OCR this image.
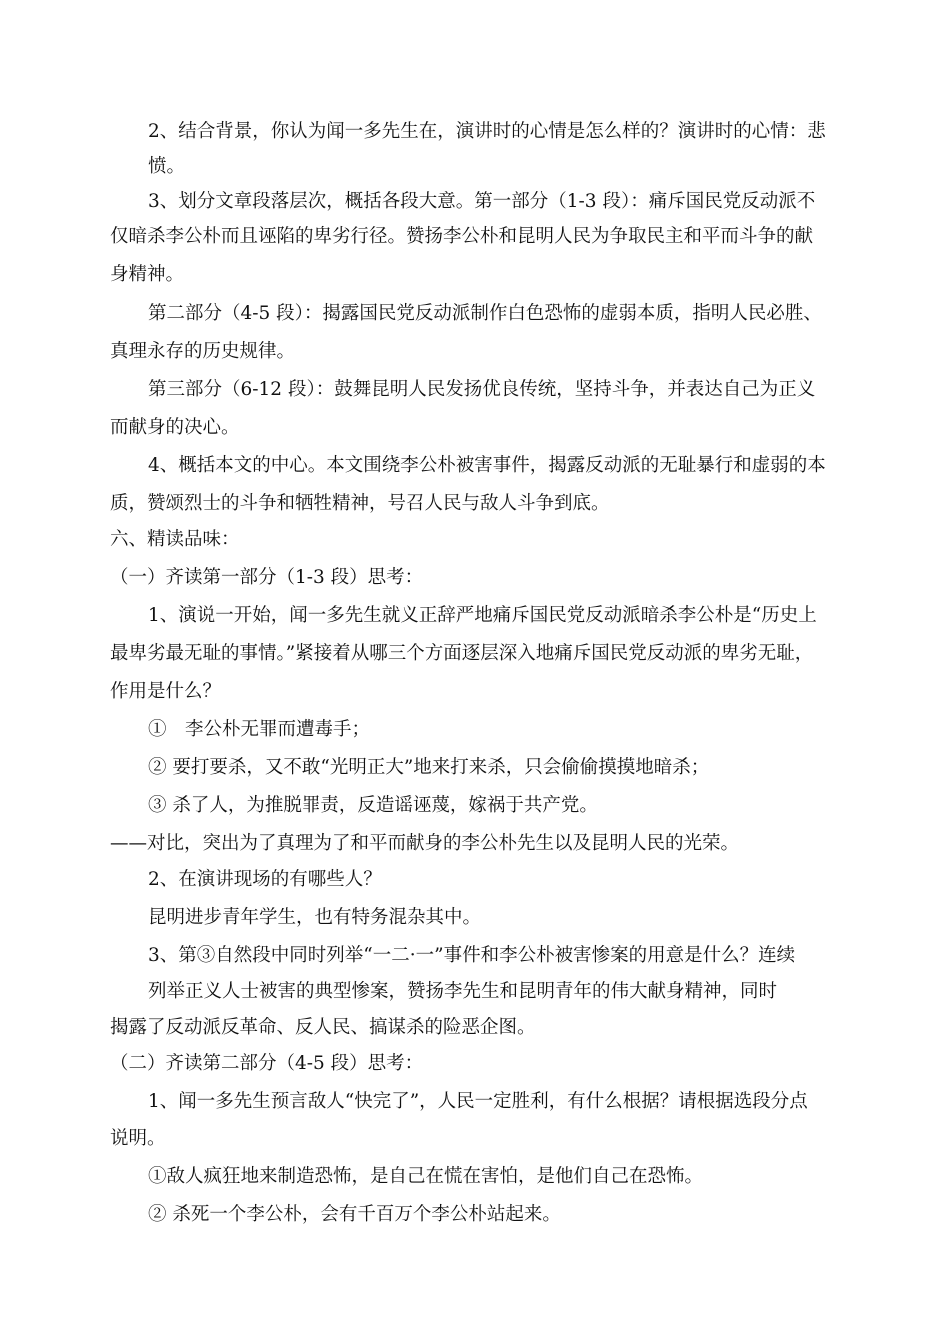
2、结合背景，你认为闻一多先生在，演讲时的心情是怎么样的？演讲时的心情：悲
愤。
3、划分文章段落层次，概括各段大意。第一部分（1-3 段）：痛斥国民党反动派不
仅暗杀李公朴而且诬陷的卑劣行径。赞扬李公朴和昆明人民为争取民主和平而斗争的献
身精神。
第二部分（4-5 段）：揭露国民党反动派制作白色恐怖的虚弱本质，指明人民必胜、
真理永存的历史规律。
第三部分（6-12 段）：鼓舞昆明人民发扬优良传统，坚持斗争，并表达自己为正义
而献身的决心。
4、概括本文的中心。本文围绕李公朴被害事件，揭露反动派的无耻暴行和虚弱的本
质，赞颂烈士的斗争和牺牲精神，号召人民与敌人斗争到底。
六、精读品味：
（一）齐读第一部分（1-3 段）思考：
1、演说一开始，闻一多先生就义正辞严地痛斥国民党反动派暗杀李公朴是“历史上
最卑劣最无耻的事情。”紧接着从哪三个方面逐层深入地痛斥国民党反动派的卑劣无耻，
作用是什么？
①　李公朴无罪而遭毒手；
② 要打要杀，又不敢“光明正大”地来打来杀，只会偷偷摸摸地暗杀；
③ 杀了人，为推脱罪责，反造谣诬蔑，嫁祸于共产党。
——对比，突出为了真理为了和平而献身的李公朴先生以及昆明人民的光荣。
2、在演讲现场的有哪些人？
昆明进步青年学生，也有特务混杂其中。
3、第③自然段中同时列举“一二·一”事件和李公朴被害惨案的用意是什么？连续
列举正义人士被害的典型惨案，赞扬李先生和昆明青年的伟大献身精神，同时
揭露了反动派反革命、反人民、搞谋杀的险恶企图。
（二）齐读第二部分（4-5 段）思考：
1、闻一多先生预言敌人“快完了”，人民一定胜利，有什么根据？请根据选段分点
说明。
①敌人疯狂地来制造恐怖，是自己在慌在害怕，是他们自己在恐怖。
② 杀死一个李公朴，会有千百万个李公朴站起来。
